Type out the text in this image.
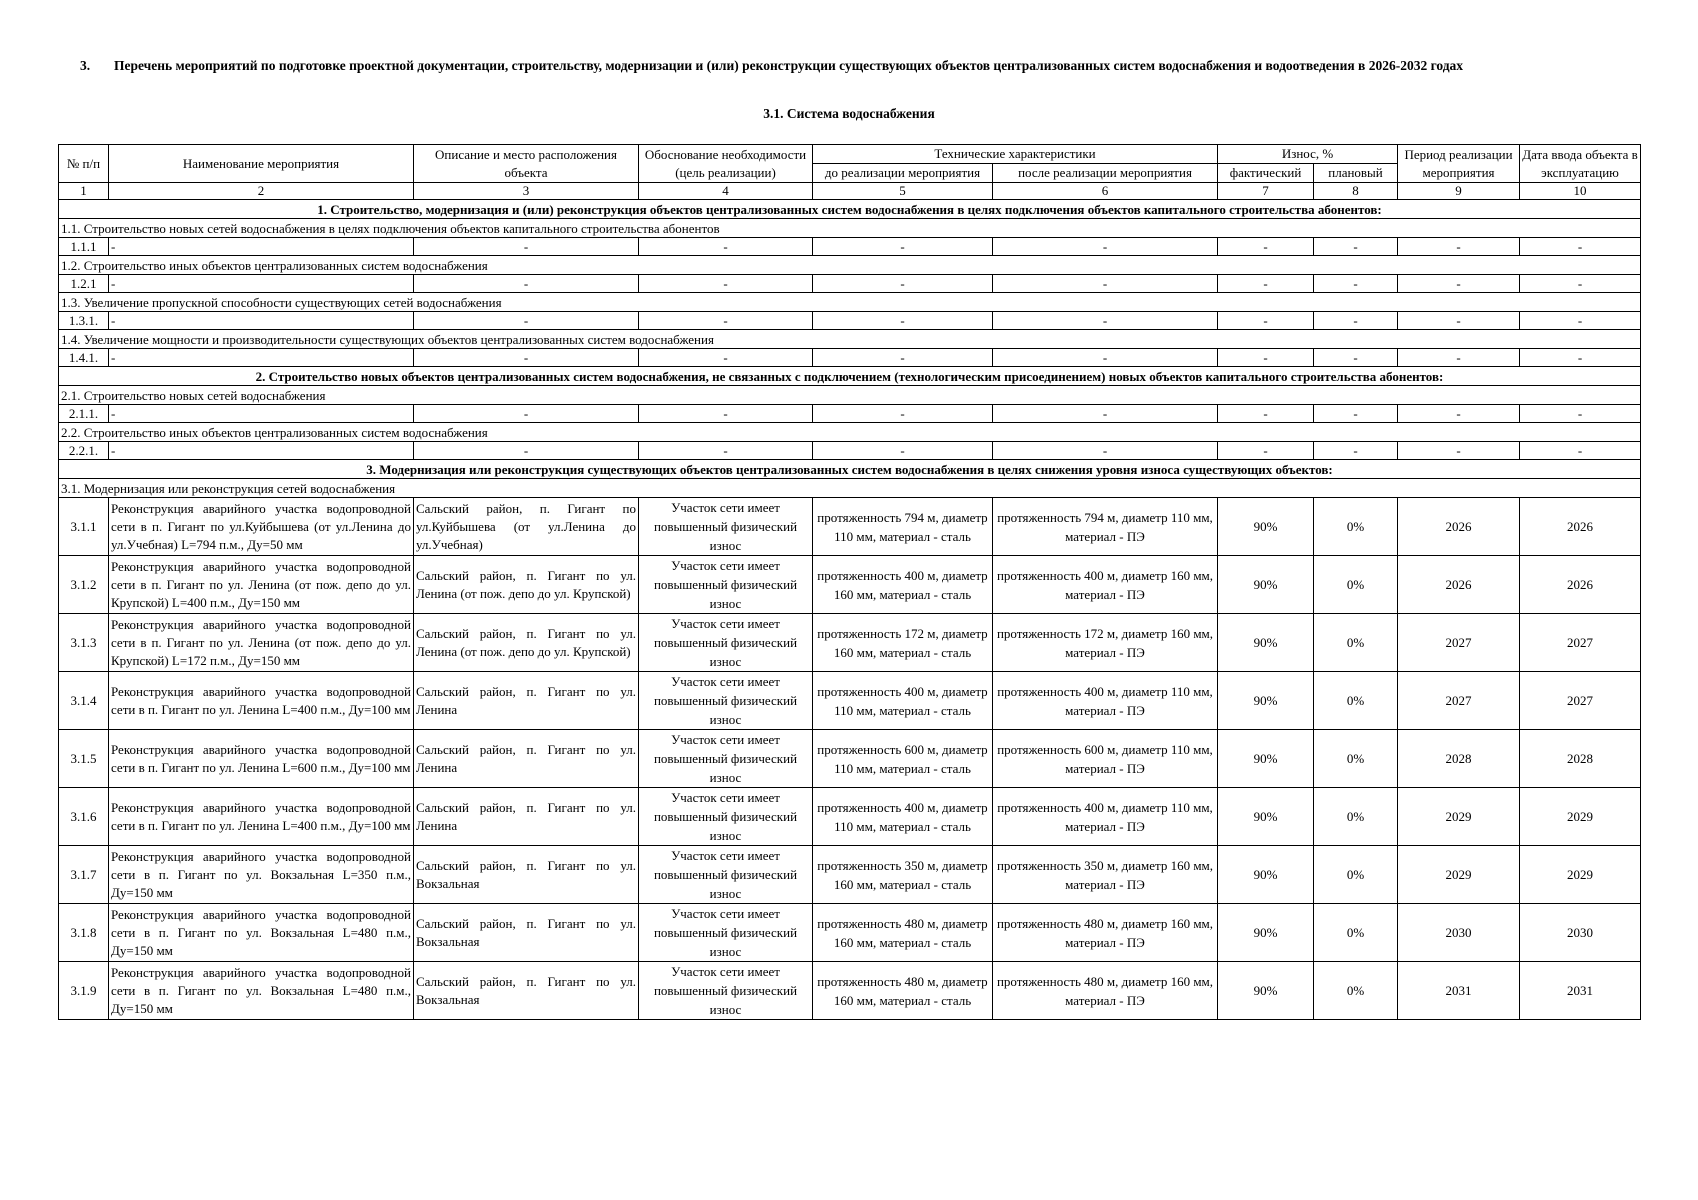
3. Перечень мероприятий по подготовке проектной документации, строительству, модернизации и (или) реконструкции существующих объектов централизованных систем водоснабжения и водоотведения в 2026-2032 годах
3.1. Система водоснабжения
№ п/п	Наименование мероприятия	Описание и место расположения объекта	Обоснование необходимости (цель реализации)	Технические характеристики		Износ, %		Период реализации мероприятия	Дата ввода объекта в эксплуатацию
				до реализации мероприятия	после реализации мероприятия	фактический	плановый		
1	2	3	4	5	6	7	8	9	10
1. Строительство, модернизация и (или) реконструкция объектов централизованных систем водоснабжения в целях подключения объектов капитального строительства абонентов:									
1.1. Строительство новых сетей водоснабжения в целях подключения объектов капитального строительства абонентов									
1.1.1	-	-	-	-	-	-	-	-	-
1.2. Строительство иных объектов централизованных систем водоснабжения									
1.2.1	-	-	-	-	-	-	-	-	-
1.3. Увеличение пропускной способности существующих сетей водоснабжения									
1.3.1.	-	-	-	-	-	-	-	-	-
1.4. Увеличение мощности и производительности существующих объектов централизованных систем водоснабжения									
1.4.1.	-	-	-	-	-	-	-	-	-
2. Строительство новых объектов централизованных систем водоснабжения, не связанных с подключением (технологическим присоединением) новых объектов капитального строительства абонентов:									
2.1. Строительство новых сетей водоснабжения									
2.1.1.	-	-	-	-	-	-	-	-	-
2.2. Строительство иных объектов централизованных систем водоснабжения									
2.2.1.	-	-	-	-	-	-	-	-	-
3. Модернизация или реконструкция существующих объектов централизованных систем водоснабжения в целях снижения уровня износа существующих объектов:									
3.1. Модернизация или реконструкция сетей водоснабжения									
3.1.1	Реконструкция аварийного участка водопроводной сети в п. Гигант по ул.Куйбышева (от ул.Ленина до ул.Учебная) L=794 п.м., Ду=50 мм	Сальский район, п. Гигант по ул.Куйбышева (от ул.Ленина до ул.Учебная)	Участок сети имеет повышенный физический износ	протяженность 794 м, диаметр 110 мм, материал - сталь	протяженность 794 м, диаметр 110 мм, материал - ПЭ	90%	0%	2026	2026
3.1.2	Реконструкция аварийного участка водопроводной сети в п. Гигант по ул. Ленина (от пож. депо до ул. Крупской) L=400 п.м., Ду=150 мм	Сальский район, п. Гигант по ул. Ленина (от пож. депо до ул. Крупской)	Участок сети имеет повышенный физический износ	протяженность 400 м, диаметр 160 мм, материал - сталь	протяженность 400 м, диаметр 160 мм, материал - ПЭ	90%	0%	2026	2026
3.1.3	Реконструкция аварийного участка водопроводной сети в п. Гигант по ул. Ленина (от пож. депо до ул. Крупской) L=172 п.м., Ду=150 мм	Сальский район, п. Гигант по ул. Ленина (от пож. депо до ул. Крупской)	Участок сети имеет повышенный физический износ	протяженность 172 м, диаметр 160 мм, материал - сталь	протяженность 172 м, диаметр 160 мм, материал - ПЭ	90%	0%	2027	2027
3.1.4	Реконструкция аварийного участка водопроводной сети в п. Гигант по ул. Ленина L=400 п.м., Ду=100 мм	Сальский район, п. Гигант по ул. Ленина	Участок сети имеет повышенный физический износ	протяженность 400 м, диаметр 110 мм, материал - сталь	протяженность 400 м, диаметр 110 мм, материал - ПЭ	90%	0%	2027	2027
3.1.5	Реконструкция аварийного участка водопроводной сети в п. Гигант по ул. Ленина L=600 п.м., Ду=100 мм	Сальский район, п. Гигант по ул. Ленина	Участок сети имеет повышенный физический износ	протяженность 600 м, диаметр 110 мм, материал - сталь	протяженность 600 м, диаметр 110 мм, материал - ПЭ	90%	0%	2028	2028
3.1.6	Реконструкция аварийного участка водопроводной сети в п. Гигант по ул. Ленина L=400 п.м., Ду=100 мм	Сальский район, п. Гигант по ул. Ленина	Участок сети имеет повышенный физический износ	протяженность 400 м, диаметр 110 мм, материал - сталь	протяженность 400 м, диаметр 110 мм, материал - ПЭ	90%	0%	2029	2029
3.1.7	Реконструкция аварийного участка водопроводной сети в п. Гигант по ул. Вокзальная L=350 п.м., Ду=150 мм	Сальский район, п. Гигант по ул. Вокзальная	Участок сети имеет повышенный физический износ	протяженность 350 м, диаметр 160 мм, материал - сталь	протяженность 350 м, диаметр 160 мм, материал - ПЭ	90%	0%	2029	2029
3.1.8	Реконструкция аварийного участка водопроводной сети в п. Гигант по ул. Вокзальная L=480 п.м., Ду=150 мм	Сальский район, п. Гигант по ул. Вокзальная	Участок сети имеет повышенный физический износ	протяженность 480 м, диаметр 160 мм, материал - сталь	протяженность 480 м, диаметр 160 мм, материал - ПЭ	90%	0%	2030	2030
3.1.9	Реконструкция аварийного участка водопроводной сети в п. Гигант по ул. Вокзальная L=480 п.м., Ду=150 мм	Сальский район, п. Гигант по ул. Вокзальная	Участок сети имеет повышенный физический износ	протяженность 480 м, диаметр 160 мм, материал - сталь	протяженность 480 м, диаметр 160 мм, материал - ПЭ	90%	0%	2031	2031
